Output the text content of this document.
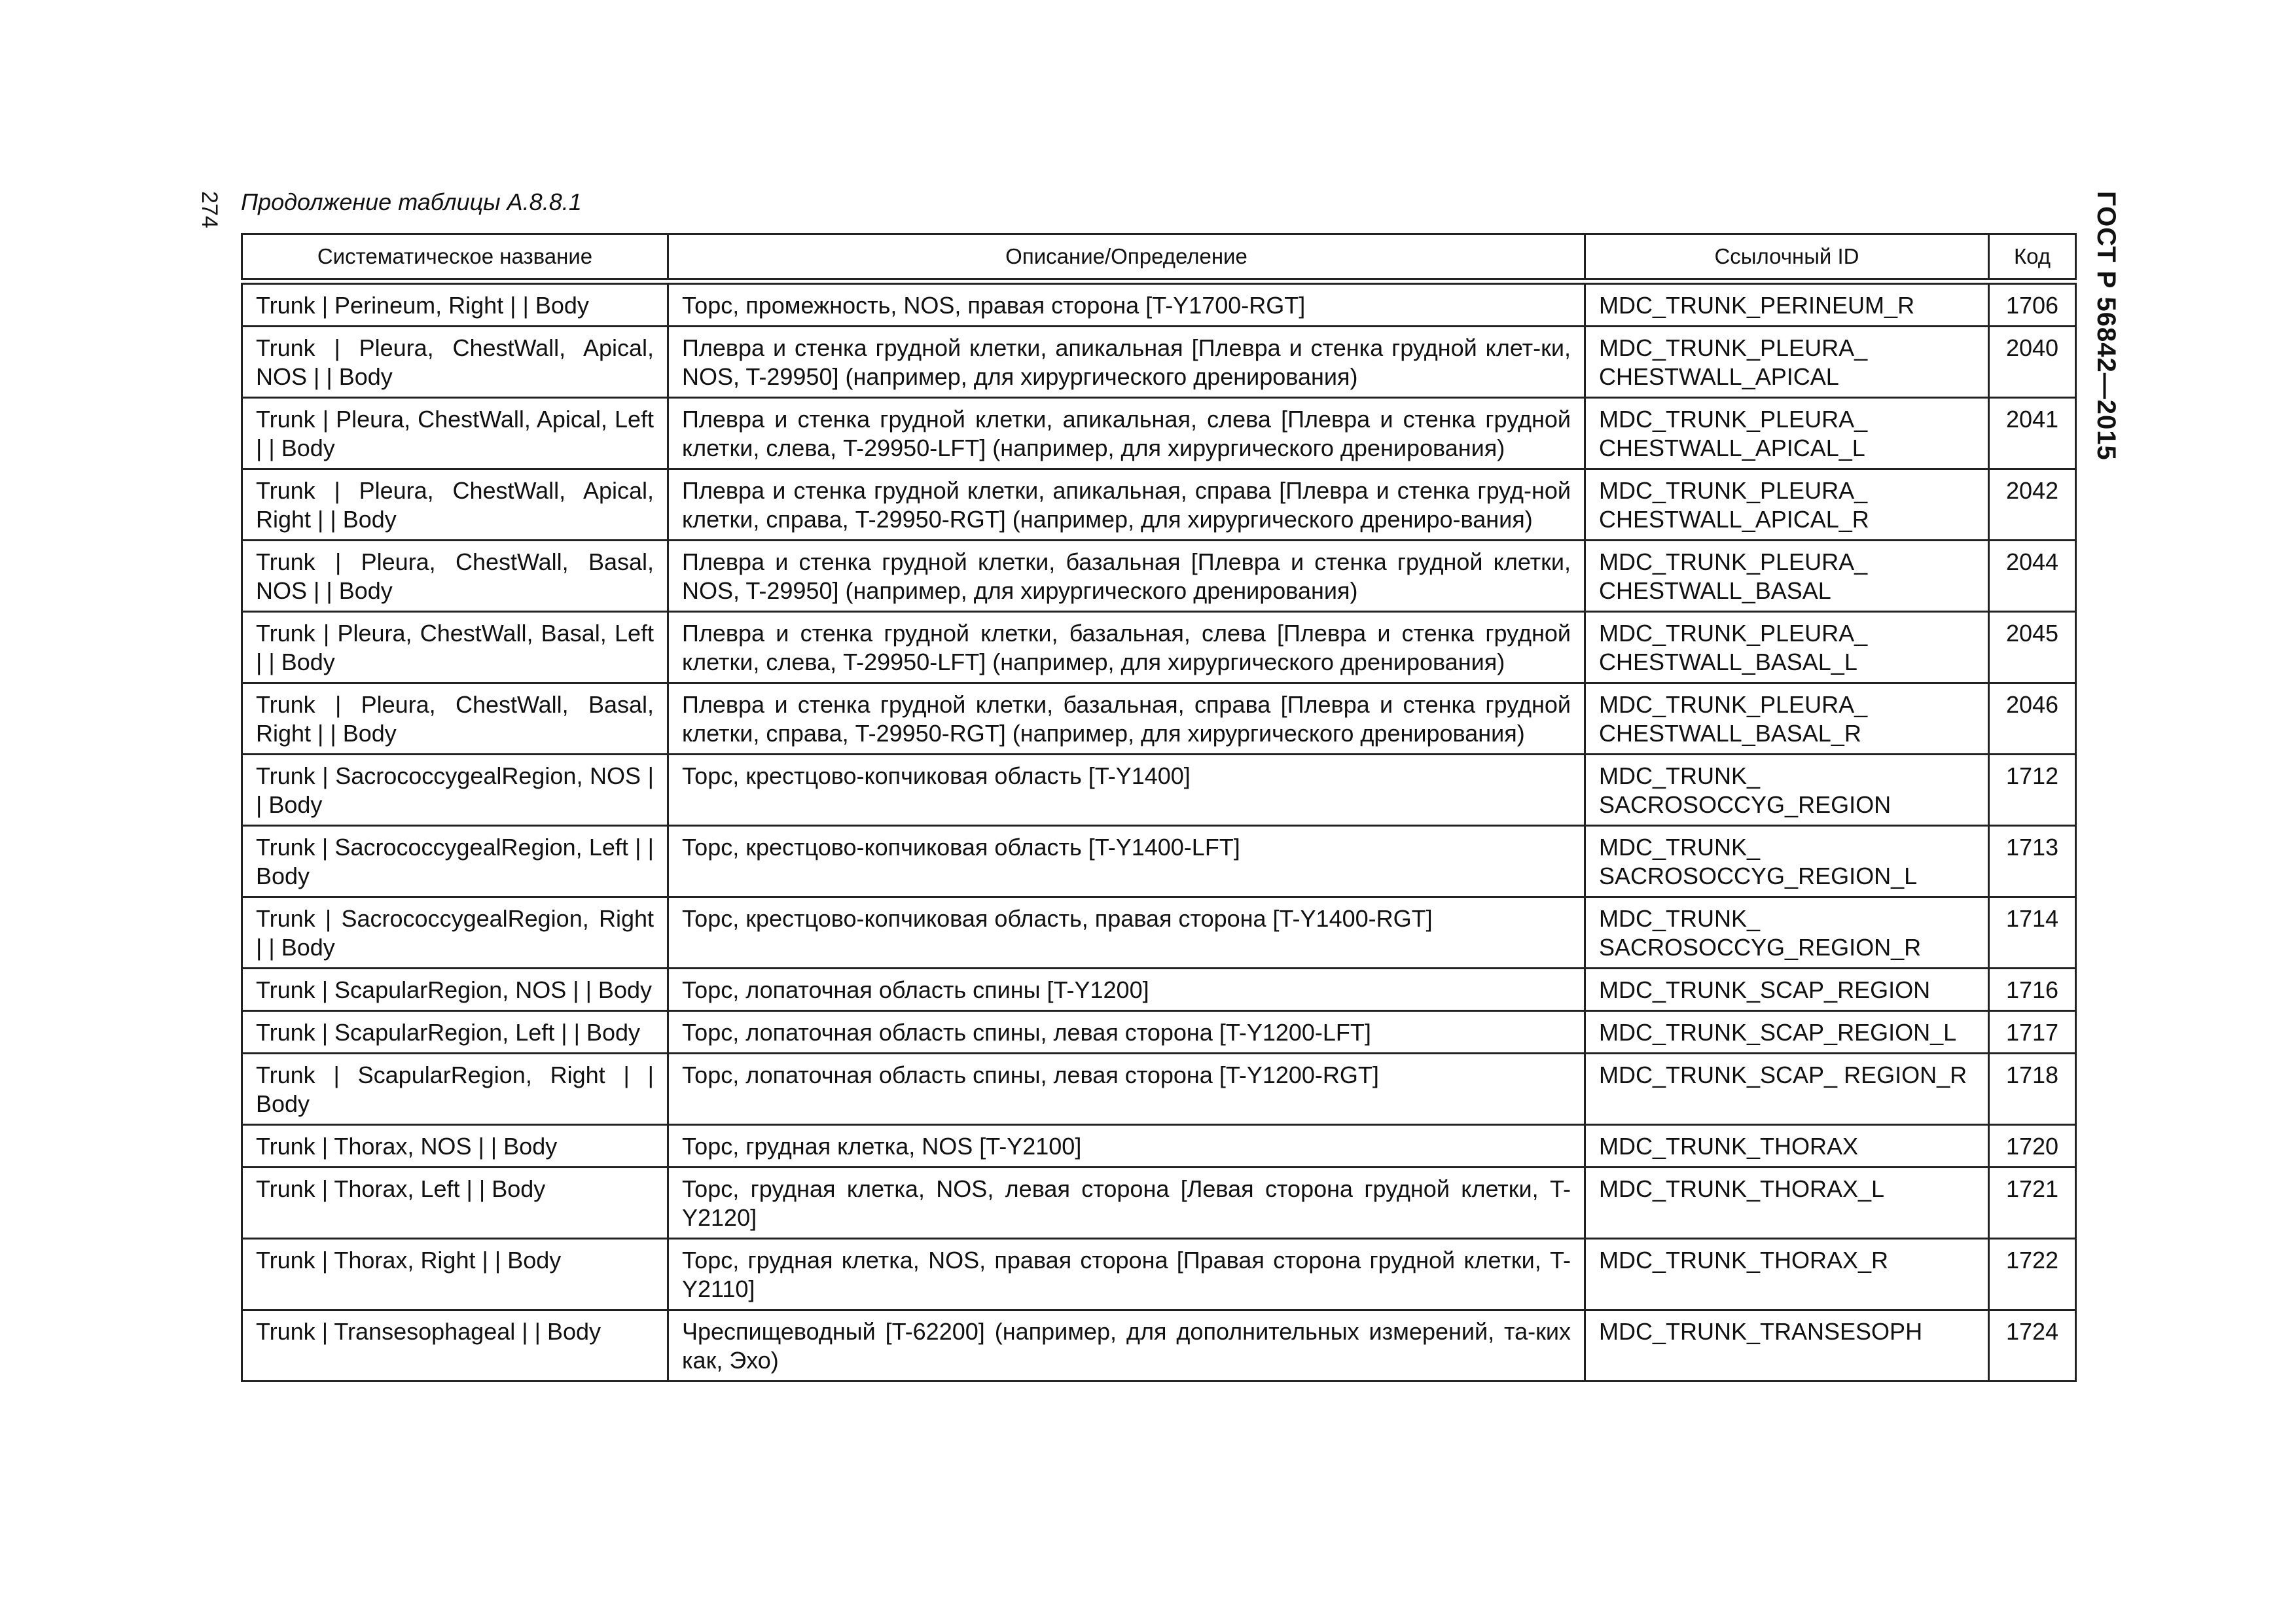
274	ГОСТ Р 56842—2015
Продолжение таблицы А.8.8.1
Систематическое название	Описание/Определение	Ссылочный ID	Код
Trunk | Perineum, Right | | Body	Торс, промежность, NOS, правая сторона [T-Y1700-RGT]	MDC_TRUNK_PERINEUM_R	1706
Trunk | Pleura, ChestWall, Apical, NOS | | Body	Плевра и стенка грудной клетки, апикальная [Плевра и стенка грудной клет-ки, NOS, T-29950] (например, для хирургического дренирования)	MDC_TRUNK_PLEURA_ CHESTWALL_APICAL	2040
Trunk | Pleura, ChestWall, Apical, Left | | Body	Плевра и стенка грудной клетки, апикальная, слева [Плевра и стенка грудной клетки, слева, T-29950-LFT] (например, для хирургического дренирования)	MDC_TRUNK_PLEURA_ CHESTWALL_APICAL_L	2041
Trunk | Pleura, ChestWall, Apical, Right | | Body	Плевра и стенка грудной клетки, апикальная, справа [Плевра и стенка груд-ной клетки, справа, T-29950-RGT] (например, для хирургического дрениро-вания)	MDC_TRUNK_PLEURA_ CHESTWALL_APICAL_R	2042
Trunk | Pleura, ChestWall, Basal, NOS | | Body	Плевра и стенка грудной клетки, базальная [Плевра и стенка грудной клетки, NOS, T-29950] (например, для хирургического дренирования)	MDC_TRUNK_PLEURA_ CHESTWALL_BASAL	2044
Trunk | Pleura, ChestWall, Basal, Left | | Body	Плевра и стенка грудной клетки, базальная, слева [Плевра и стенка грудной клетки, слева, T-29950-LFT] (например, для хирургического дренирования)	MDC_TRUNK_PLEURA_ CHESTWALL_BASAL_L	2045
Trunk | Pleura, ChestWall, Basal, Right | | Body	Плевра и стенка грудной клетки, базальная, справа [Плевра и стенка грудной клетки, справа, T-29950-RGT] (например, для хирургического дренирования)	MDC_TRUNK_PLEURA_ CHESTWALL_BASAL_R	2046
Trunk | SacrococcygealRegion, NOS | | Body	Торс, крестцово-копчиковая область [T-Y1400]	MDC_TRUNK_ SACROSOCCYG_REGION	1712
Trunk | SacrococcygealRegion, Left | | Body	Торс, крестцово-копчиковая область [T-Y1400-LFT]	MDC_TRUNK_ SACROSOCCYG_REGION_L	1713
Trunk | SacrococcygealRegion, Right | | Body	Торс, крестцово-копчиковая область, правая сторона [T-Y1400-RGT]	MDC_TRUNK_ SACROSOCCYG_REGION_R	1714
Trunk | ScapularRegion, NOS | | Body	Торс, лопаточная область спины [T-Y1200]	MDC_TRUNK_SCAP_REGION	1716
Trunk | ScapularRegion, Left | | Body	Торс, лопаточная область спины, левая сторона [T-Y1200-LFT]	MDC_TRUNK_SCAP_REGION_L	1717
Trunk | ScapularRegion, Right | | Body	Торс, лопаточная область спины, левая сторона [T-Y1200-RGT]	MDC_TRUNK_SCAP_ REGION_R	1718
Trunk | Thorax, NOS | | Body	Торс, грудная клетка, NOS [T-Y2100]	MDC_TRUNK_THORAX	1720
Trunk | Thorax, Left | | Body	Торс, грудная клетка, NOS, левая сторона [Левая сторона грудной клетки, T-Y2120]	MDC_TRUNK_THORAX_L	1721
Trunk | Thorax, Right | | Body	Торс, грудная клетка, NOS, правая сторона [Правая сторона грудной клетки, T-Y2110]	MDC_TRUNK_THORAX_R	1722
Trunk | Transesophageal | | Body	Чреспищеводный [T-62200] (например, для дополнительных измерений, та-ких как, Эхо)	MDC_TRUNK_TRANSESOPH	1724
